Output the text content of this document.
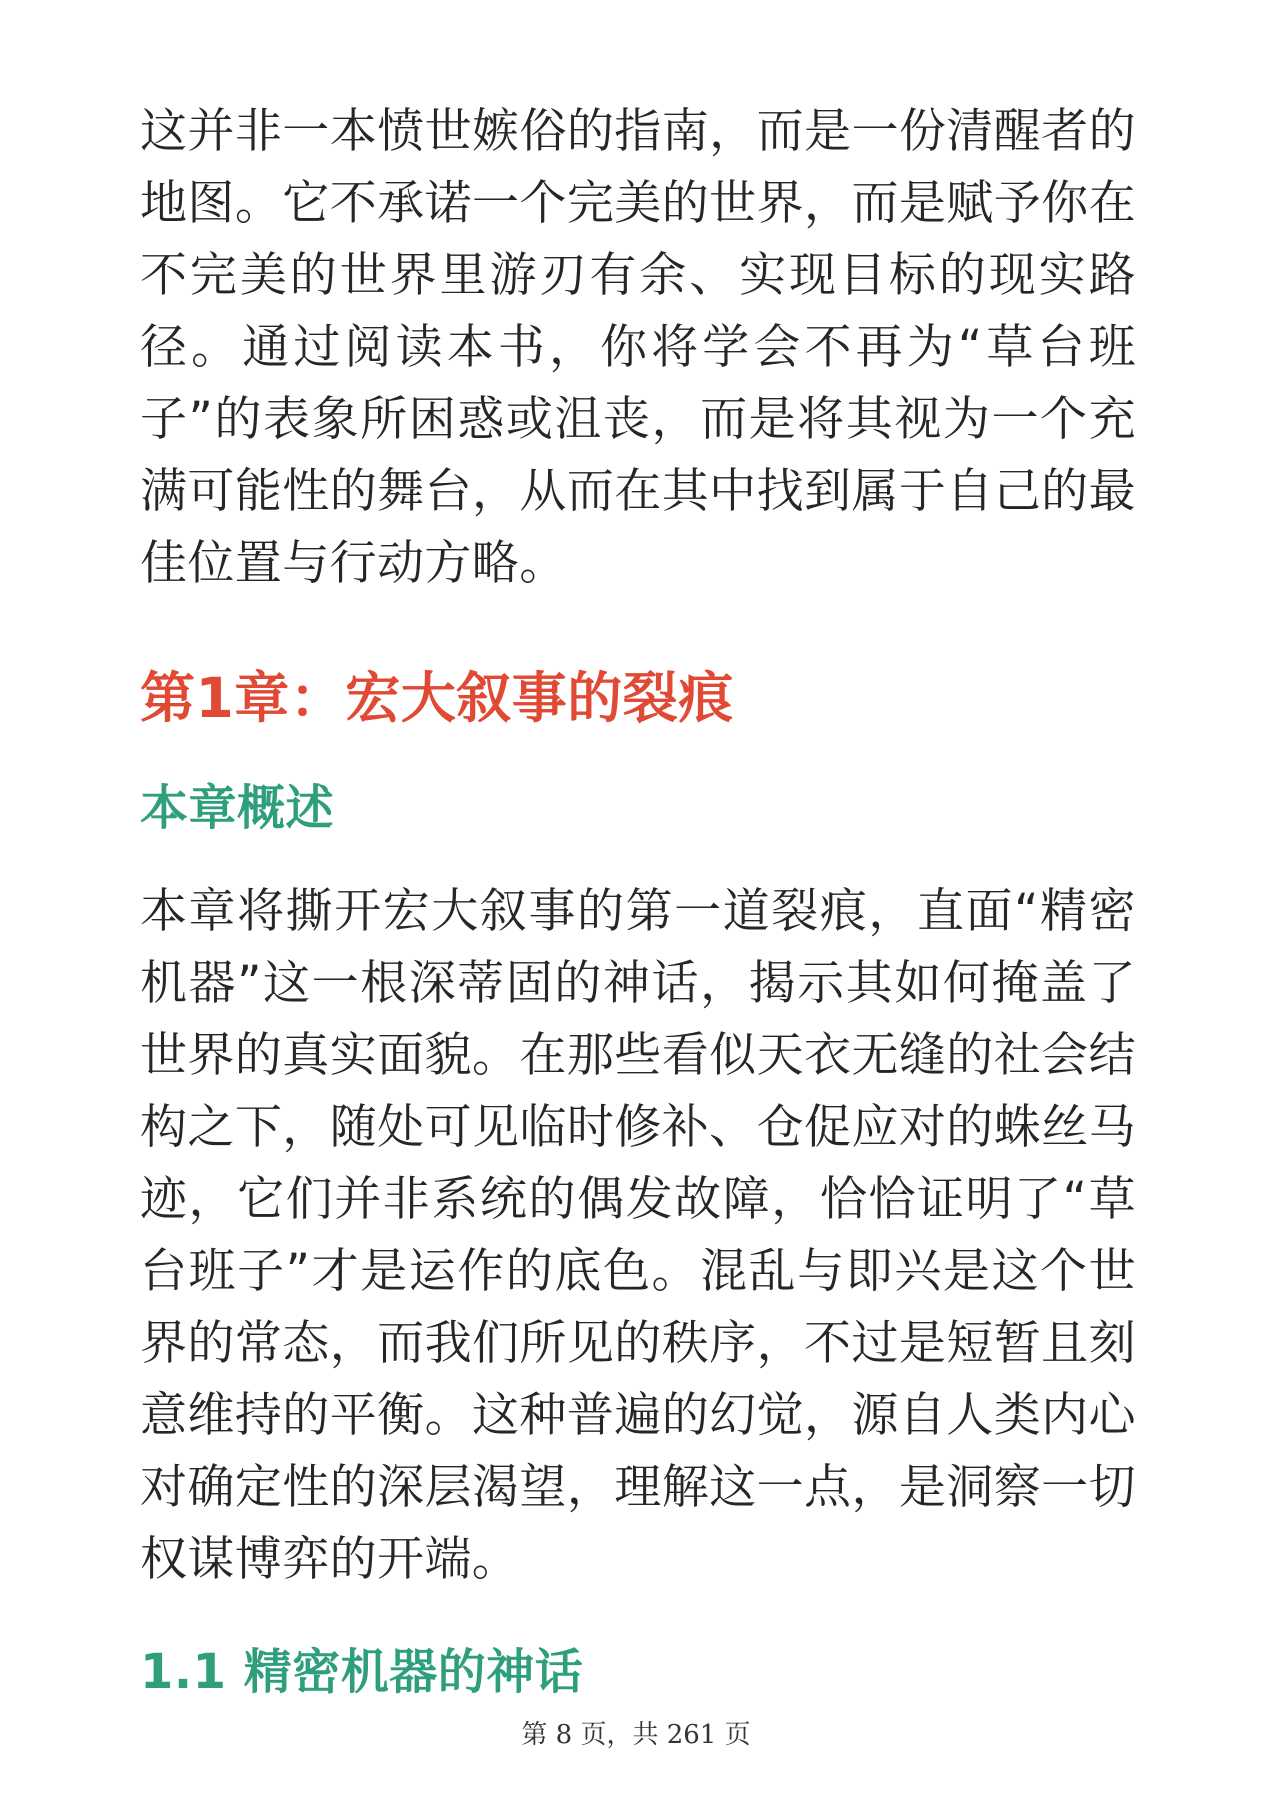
这并非一本愤世嫉俗的指南，而是一份清醒者的地图。它不承诺一个完美的世界，而是赋予你在不完美的世界里游刃有余、实现目标的现实路径。通过阅读本书，你将学会不再为“草台班子”的表象所困惑或沮丧，而是将其视为一个充满可能性的舞台，从而在其中找到属于自己的最佳位置与行动方略。

第1章：宏大叙事的裂痕
本章概述

本章将撕开宏大叙事的第一道裂痕，直面“精密机器”这一根深蒂固的神话，揭示其如何掩盖了世界的真实面貌。在那些看似天衣无缝的社会结构之下，随处可见临时修补、仓促应对的蛛丝马迹，它们并非系统的偶发故障，恰恰证明了“草台班子”才是运作的底色。混乱与即兴是这个世界的常态，而我们所见的秩序，不过是短暂且刻意维持的平衡。这种普遍的幻觉，源自人类内心对确定性的深层渴望，理解这一点，是洞察一切权谋博弈的开端。

1.1 精密机器的神话
第 8 页，共 261 页
